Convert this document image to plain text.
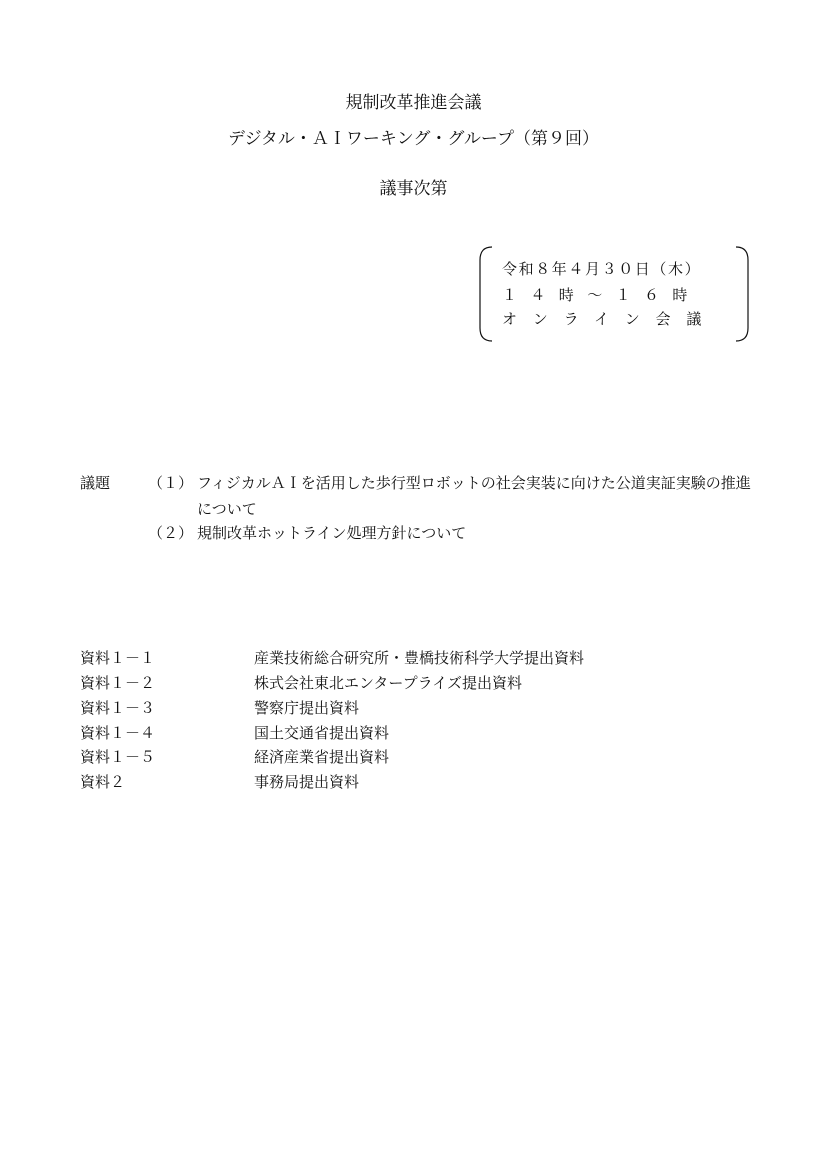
規制改革推進会議
デジタル・ＡＩワーキング・グループ（第９回）
議事次第
令和８年４月３０日（木）
１４時～１６時
オンライン会議
議題	（１） フィジカルＡＩを活用した歩行型ロボットの社会実装に向けた公道実証実験の推進について
（２） 規制改革ホットライン処理方針について
資料１－１	産業技術総合研究所・豊橋技術科学大学提出資料
資料１－２	株式会社東北エンタープライズ提出資料
資料１－３	警察庁提出資料
資料１－４	国土交通省提出資料
資料１－５	経済産業省提出資料
資料２	事務局提出資料
